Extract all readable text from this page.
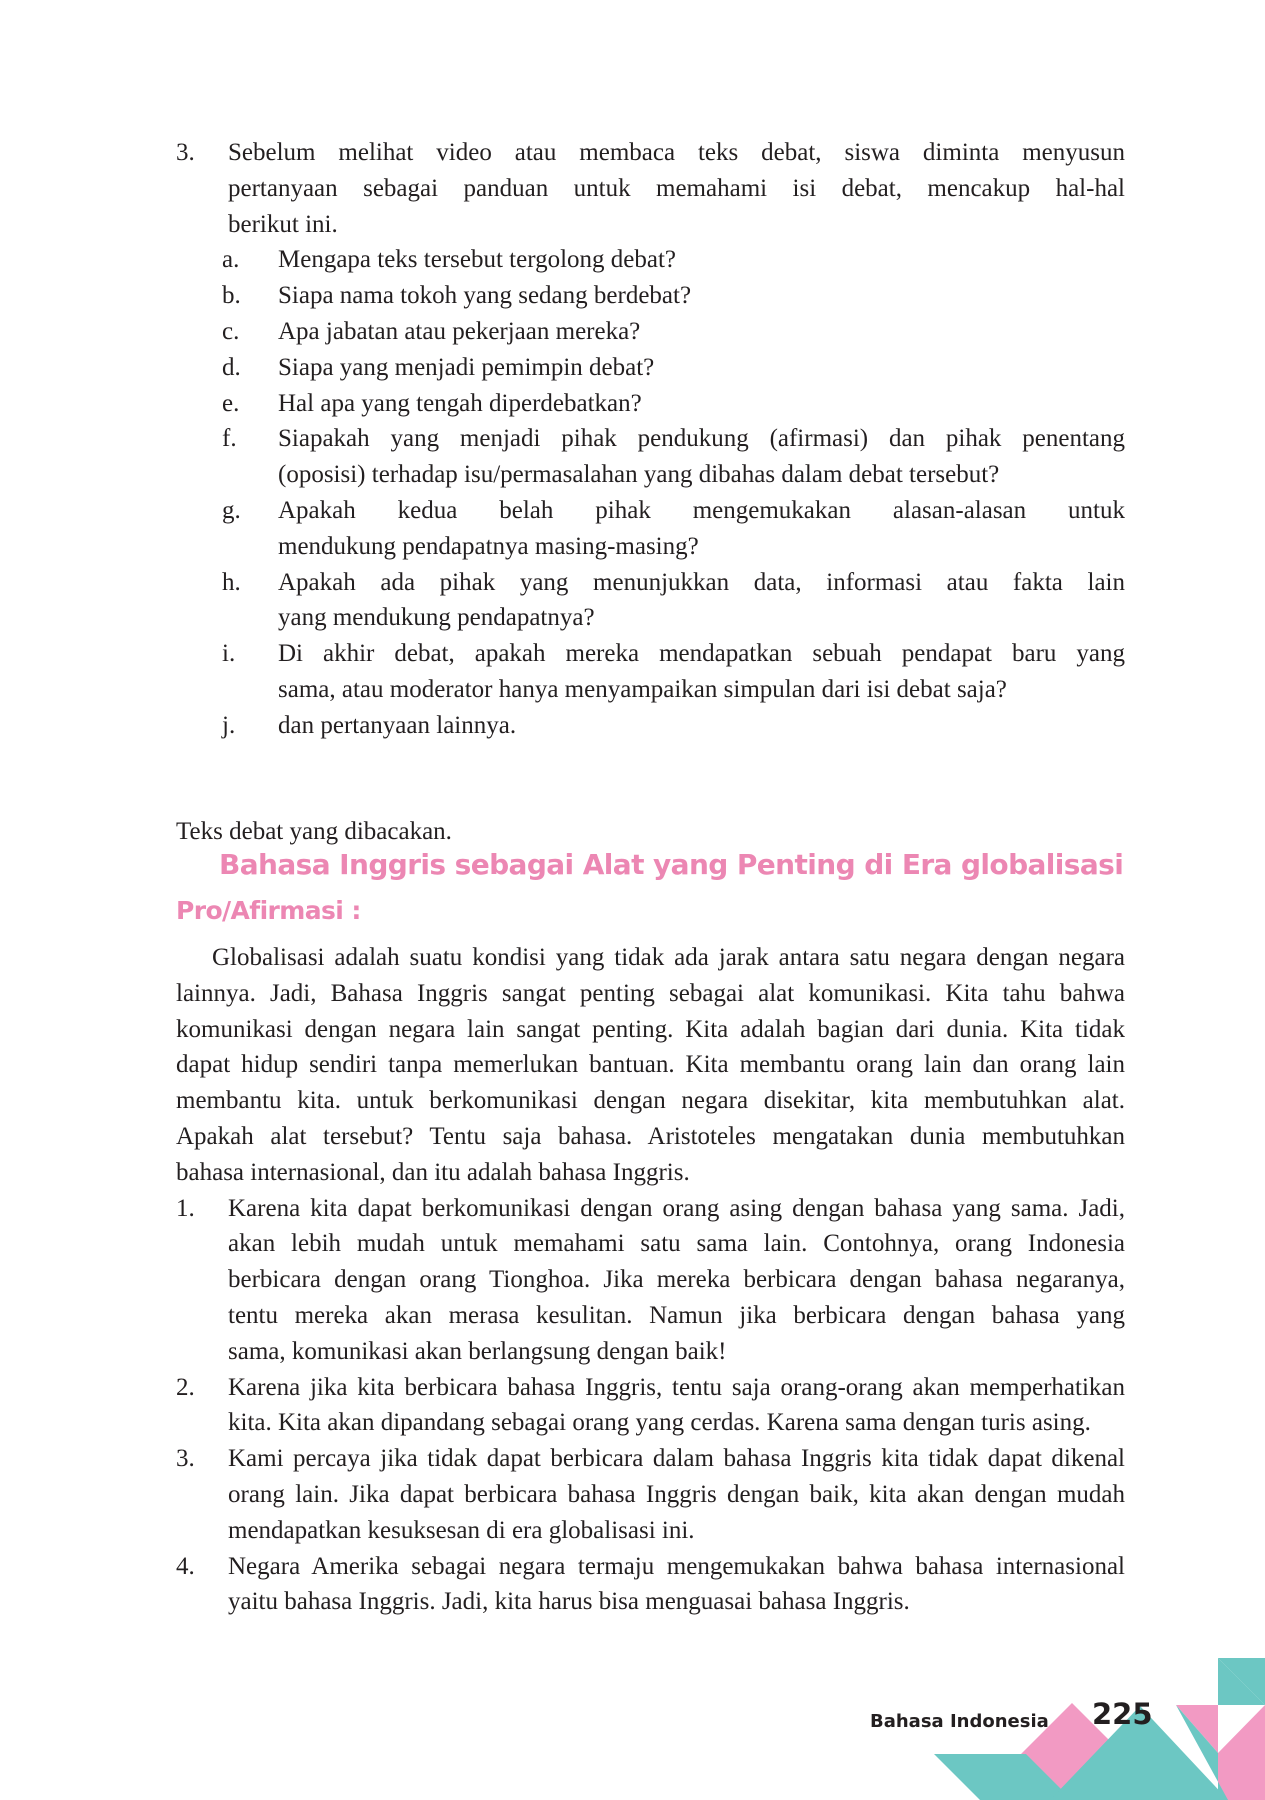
3. Sebelum melihat video atau membaca teks debat, siswa diminta menyusun
pertanyaan sebagai panduan untuk memahami isi debat, mencakup hal-hal
berikut ini.
a. Mengapa teks tersebut tergolong debat?
b. Siapa nama tokoh yang sedang berdebat?
c. Apa jabatan atau pekerjaan mereka?
d. Siapa yang menjadi pemimpin debat?
e. Hal apa yang tengah diperdebatkan?
f. Siapakah yang menjadi pihak pendukung (afirmasi) dan pihak penentang
(oposisi) terhadap isu/permasalahan yang dibahas dalam debat tersebut?
g. Apakah kedua belah pihak mengemukakan alasan-alasan untuk
mendukung pendapatnya masing-masing?
h. Apakah ada pihak yang menunjukkan data, informasi atau fakta lain
yang mendukung pendapatnya?
i. Di akhir debat, apakah mereka mendapatkan sebuah pendapat baru yang
sama, atau moderator hanya menyampaikan simpulan dari isi debat saja?
j. dan pertanyaan lainnya.
Teks debat yang dibacakan.
Bahasa Inggris sebagai Alat yang Penting di Era globalisasi
Pro/Afirmasi :
Globalisasi adalah suatu kondisi yang tidak ada jarak antara satu negara dengan negara
lainnya. Jadi, Bahasa Inggris sangat penting sebagai alat komunikasi. Kita tahu bahwa
komunikasi dengan negara lain sangat penting. Kita adalah bagian dari dunia. Kita tidak
dapat hidup sendiri tanpa memerlukan bantuan. Kita membantu orang lain dan orang lain
membantu kita. untuk berkomunikasi dengan negara disekitar, kita membutuhkan alat.
Apakah alat tersebut? Tentu saja bahasa. Aristoteles mengatakan dunia membutuhkan
bahasa internasional, dan itu adalah bahasa Inggris.
1. Karena kita dapat berkomunikasi dengan orang asing dengan bahasa yang sama. Jadi,
akan lebih mudah untuk memahami satu sama lain. Contohnya, orang Indonesia
berbicara dengan orang Tionghoa. Jika mereka berbicara dengan bahasa negaranya,
tentu mereka akan merasa kesulitan. Namun jika berbicara dengan bahasa yang
sama, komunikasi akan berlangsung dengan baik!
2. Karena jika kita berbicara bahasa Inggris, tentu saja orang-orang akan memperhatikan
kita. Kita akan dipandang sebagai orang yang cerdas. Karena sama dengan turis asing.
3. Kami percaya jika tidak dapat berbicara dalam bahasa Inggris kita tidak dapat dikenal
orang lain. Jika dapat berbicara bahasa Inggris dengan baik, kita akan dengan mudah
mendapatkan kesuksesan di era globalisasi ini.
4. Negara Amerika sebagai negara termaju mengemukakan bahwa bahasa internasional
yaitu bahasa Inggris. Jadi, kita harus bisa menguasai bahasa Inggris.
Bahasa Indonesia 225
